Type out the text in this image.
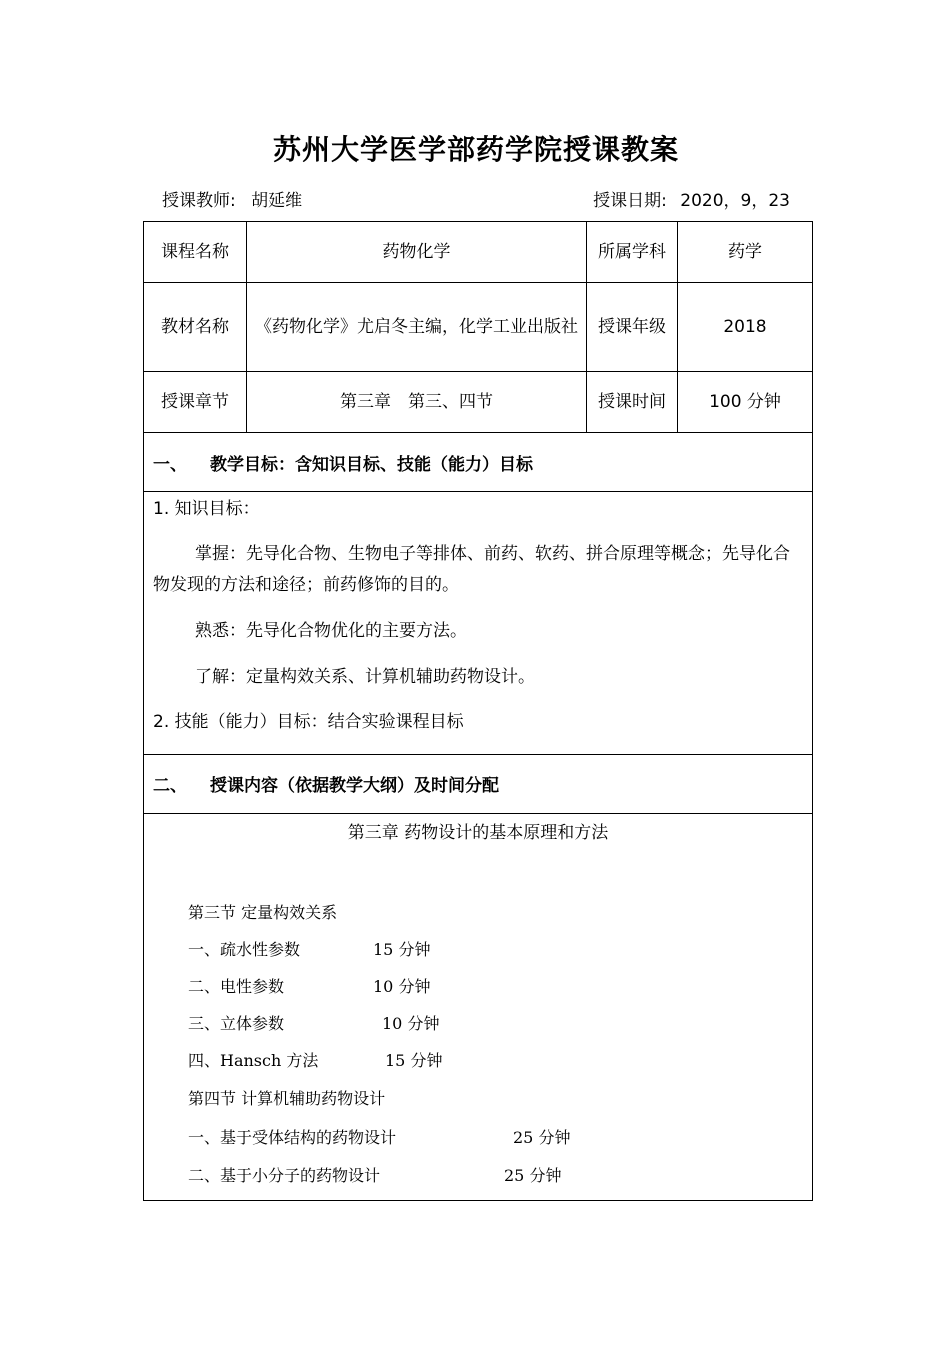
苏州大学医学部药学院授课教案
授课教师: 胡延维	授课日期: 2020，9，23
课程名称	药物化学	所属学科	药学
教材名称	《药物化学》尤启冬主编，化学工业出版社	授课年级	2018
授课章节	第三章　第三、四节	授课时间	100 分钟
一、	教学目标：含知识目标、技能（能力）目标

1. 知识目标：

掌握：先导化合物、生物电子等排体、前药、软药、拼合原理等概念；先导化合物发现的方法和途径；前药修饰的目的。

熟悉：先导化合物优化的主要方法。

了解：定量构效关系、计算机辅助药物设计。

2. 技能（能力）目标：结合实验课程目标

二、	授课内容（依据教学大纲）及时间分配
第三章 药物设计的基本原理和方法
第三节 定量构效关系
一、疏水性参数	15 分钟
二、电性参数	10 分钟
三、立体参数	10 分钟
四、Hansch 方法	15 分钟
第四节 计算机辅助药物设计
一、基于受体结构的药物设计	25 分钟
二、基于小分子的药物设计	25 分钟
